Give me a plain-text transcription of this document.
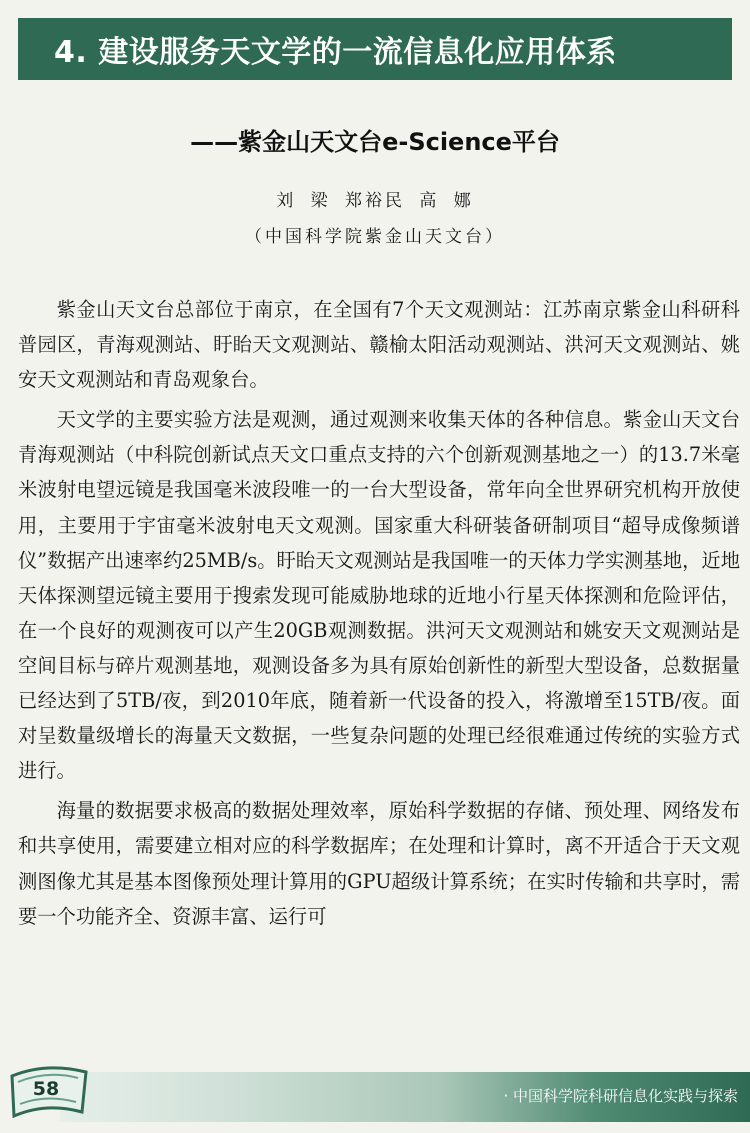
4. 建设服务天文学的一流信息化应用体系
——紫金山天文台e-Science平台
刘 梁 郑裕民 高 娜
（中国科学院紫金山天文台）

紫金山天文台总部位于南京，在全国有7个天文观测站：江苏南京紫金山科研科普园区，青海观测站、盱眙天文观测站、赣榆太阳活动观测站、洪河天文观测站、姚安天文观测站和青岛观象台。

天文学的主要实验方法是观测，通过观测来收集天体的各种信息。紫金山天文台青海观测站（中科院创新试点天文口重点支持的六个创新观测基地之一）的13.7米毫米波射电望远镜是我国毫米波段唯一的一台大型设备，常年向全世界研究机构开放使用，主要用于宇宙毫米波射电天文观测。国家重大科研装备研制项目“超导成像频谱仪”数据产出速率约25MB/s。盱眙天文观测站是我国唯一的天体力学实测基地，近地天体探测望远镜主要用于搜索发现可能威胁地球的近地小行星天体探测和危险评估，在一个良好的观测夜可以产生20GB观测数据。洪河天文观测站和姚安天文观测站是空间目标与碎片观测基地，观测设备多为具有原始创新性的新型大型设备，总数据量已经达到了5TB/夜，到2010年底，随着新一代设备的投入，将激增至15TB/夜。面对呈数量级增长的海量天文数据，一些复杂问题的处理已经很难通过传统的实验方式进行。

海量的数据要求极高的数据处理效率，原始科学数据的存储、预处理、网络发布和共享使用，需要建立相对应的科学数据库；在处理和计算时，离不开适合于天文观测图像尤其是基本图像预处理计算用的GPU超级计算系统；在实时传输和共享时，需要一个功能齐全、资源丰富、运行可

58	· 中国科学院科研信息化实践与探索
